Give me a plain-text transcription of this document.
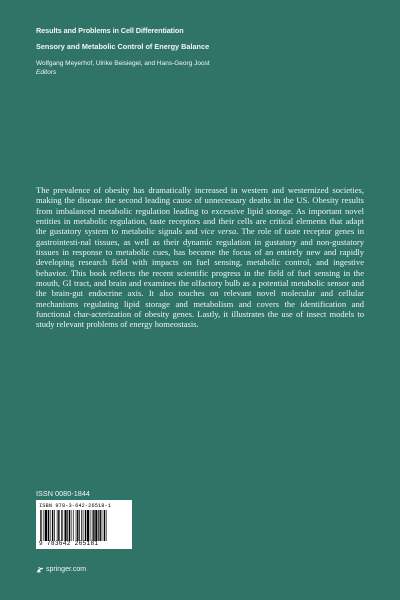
Results and Problems in Cell Differentiation

Sensory and Metabolic Control of Energy Balance

Wolfgang Meyerhof, Ulrike Beisiegel, and Hans-Georg Joost

Editors

The prevalence of obesity has dramatically increased in western and westernized societies, making the disease the second leading cause of unnecessary deaths in the US. Obesity results from imbalanced metabolic regulation leading to excessive lipid storage. As important novel entities in metabolic regulation, taste receptors and their cells are critical elements that adapt the gustatory system to metabolic signals and vice versa. The role of taste receptor genes in gastrointesti-nal tissues, as well as their dynamic regulation in gustatory and non-gustatory tissues in response to metabolic cues, has become the focus of an entirely new and rapidly developing research field with impacts on fuel sensing, metabolic control, and ingestive behavior. This book reflects the recent scientific progress in the field of fuel sensing in the mouth, GI tract, and brain and examines the olfactory bulb as a potential metabolic sensor and the brain-gut endocrine axis. It also touches on relevant novel molecular and cellular mechanisms regulating lipid storage and metabolism and covers the identification and functional char-acterization of obesity genes. Lastly, it illustrates the use of insect models to study relevant problems of energy homeostasis.
ISSN 0080-1844
ISBN 978-3-642-26518-1
9 783642 265181
springer.com
